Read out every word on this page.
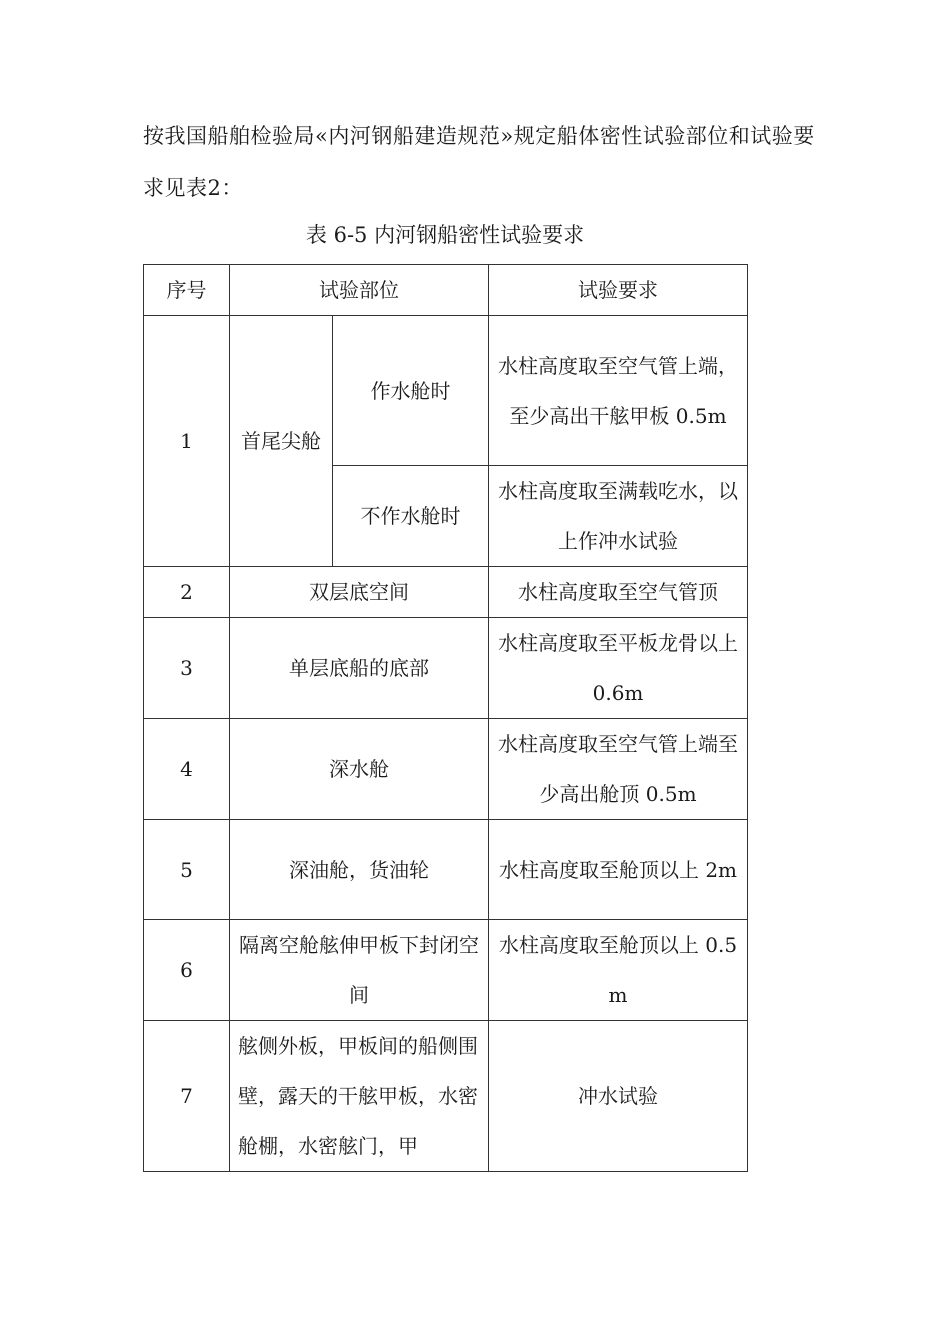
按我国船舶检验局«内河钢船建造规范»规定船体密性试验部位和试验要求见表2：

表 6-5 内河钢船密性试验要求
序号	试验部位		试验要求
1	首尾尖舱	作水舱时	水柱高度取至空气管上端，至少高出干舷甲板 0.5m
		不作水舱时	水柱高度取至满载吃水，以上作冲水试验
2	双层底空间		水柱高度取至空气管顶
3	单层底船的底部		水柱高度取至平板龙骨以上 0.6m
4	深水舱		水柱高度取至空气管上端至少高出舱顶 0.5m
5	深油舱，货油轮		水柱高度取至舱顶以上 2m
6	隔离空舱舷伸甲板下封闭空间		水柱高度取至舱顶以上 0.5m
7	舷侧外板，甲板间的船侧围壁，露天的干舷甲板，水密舱棚，水密舷门，甲		冲水试验
